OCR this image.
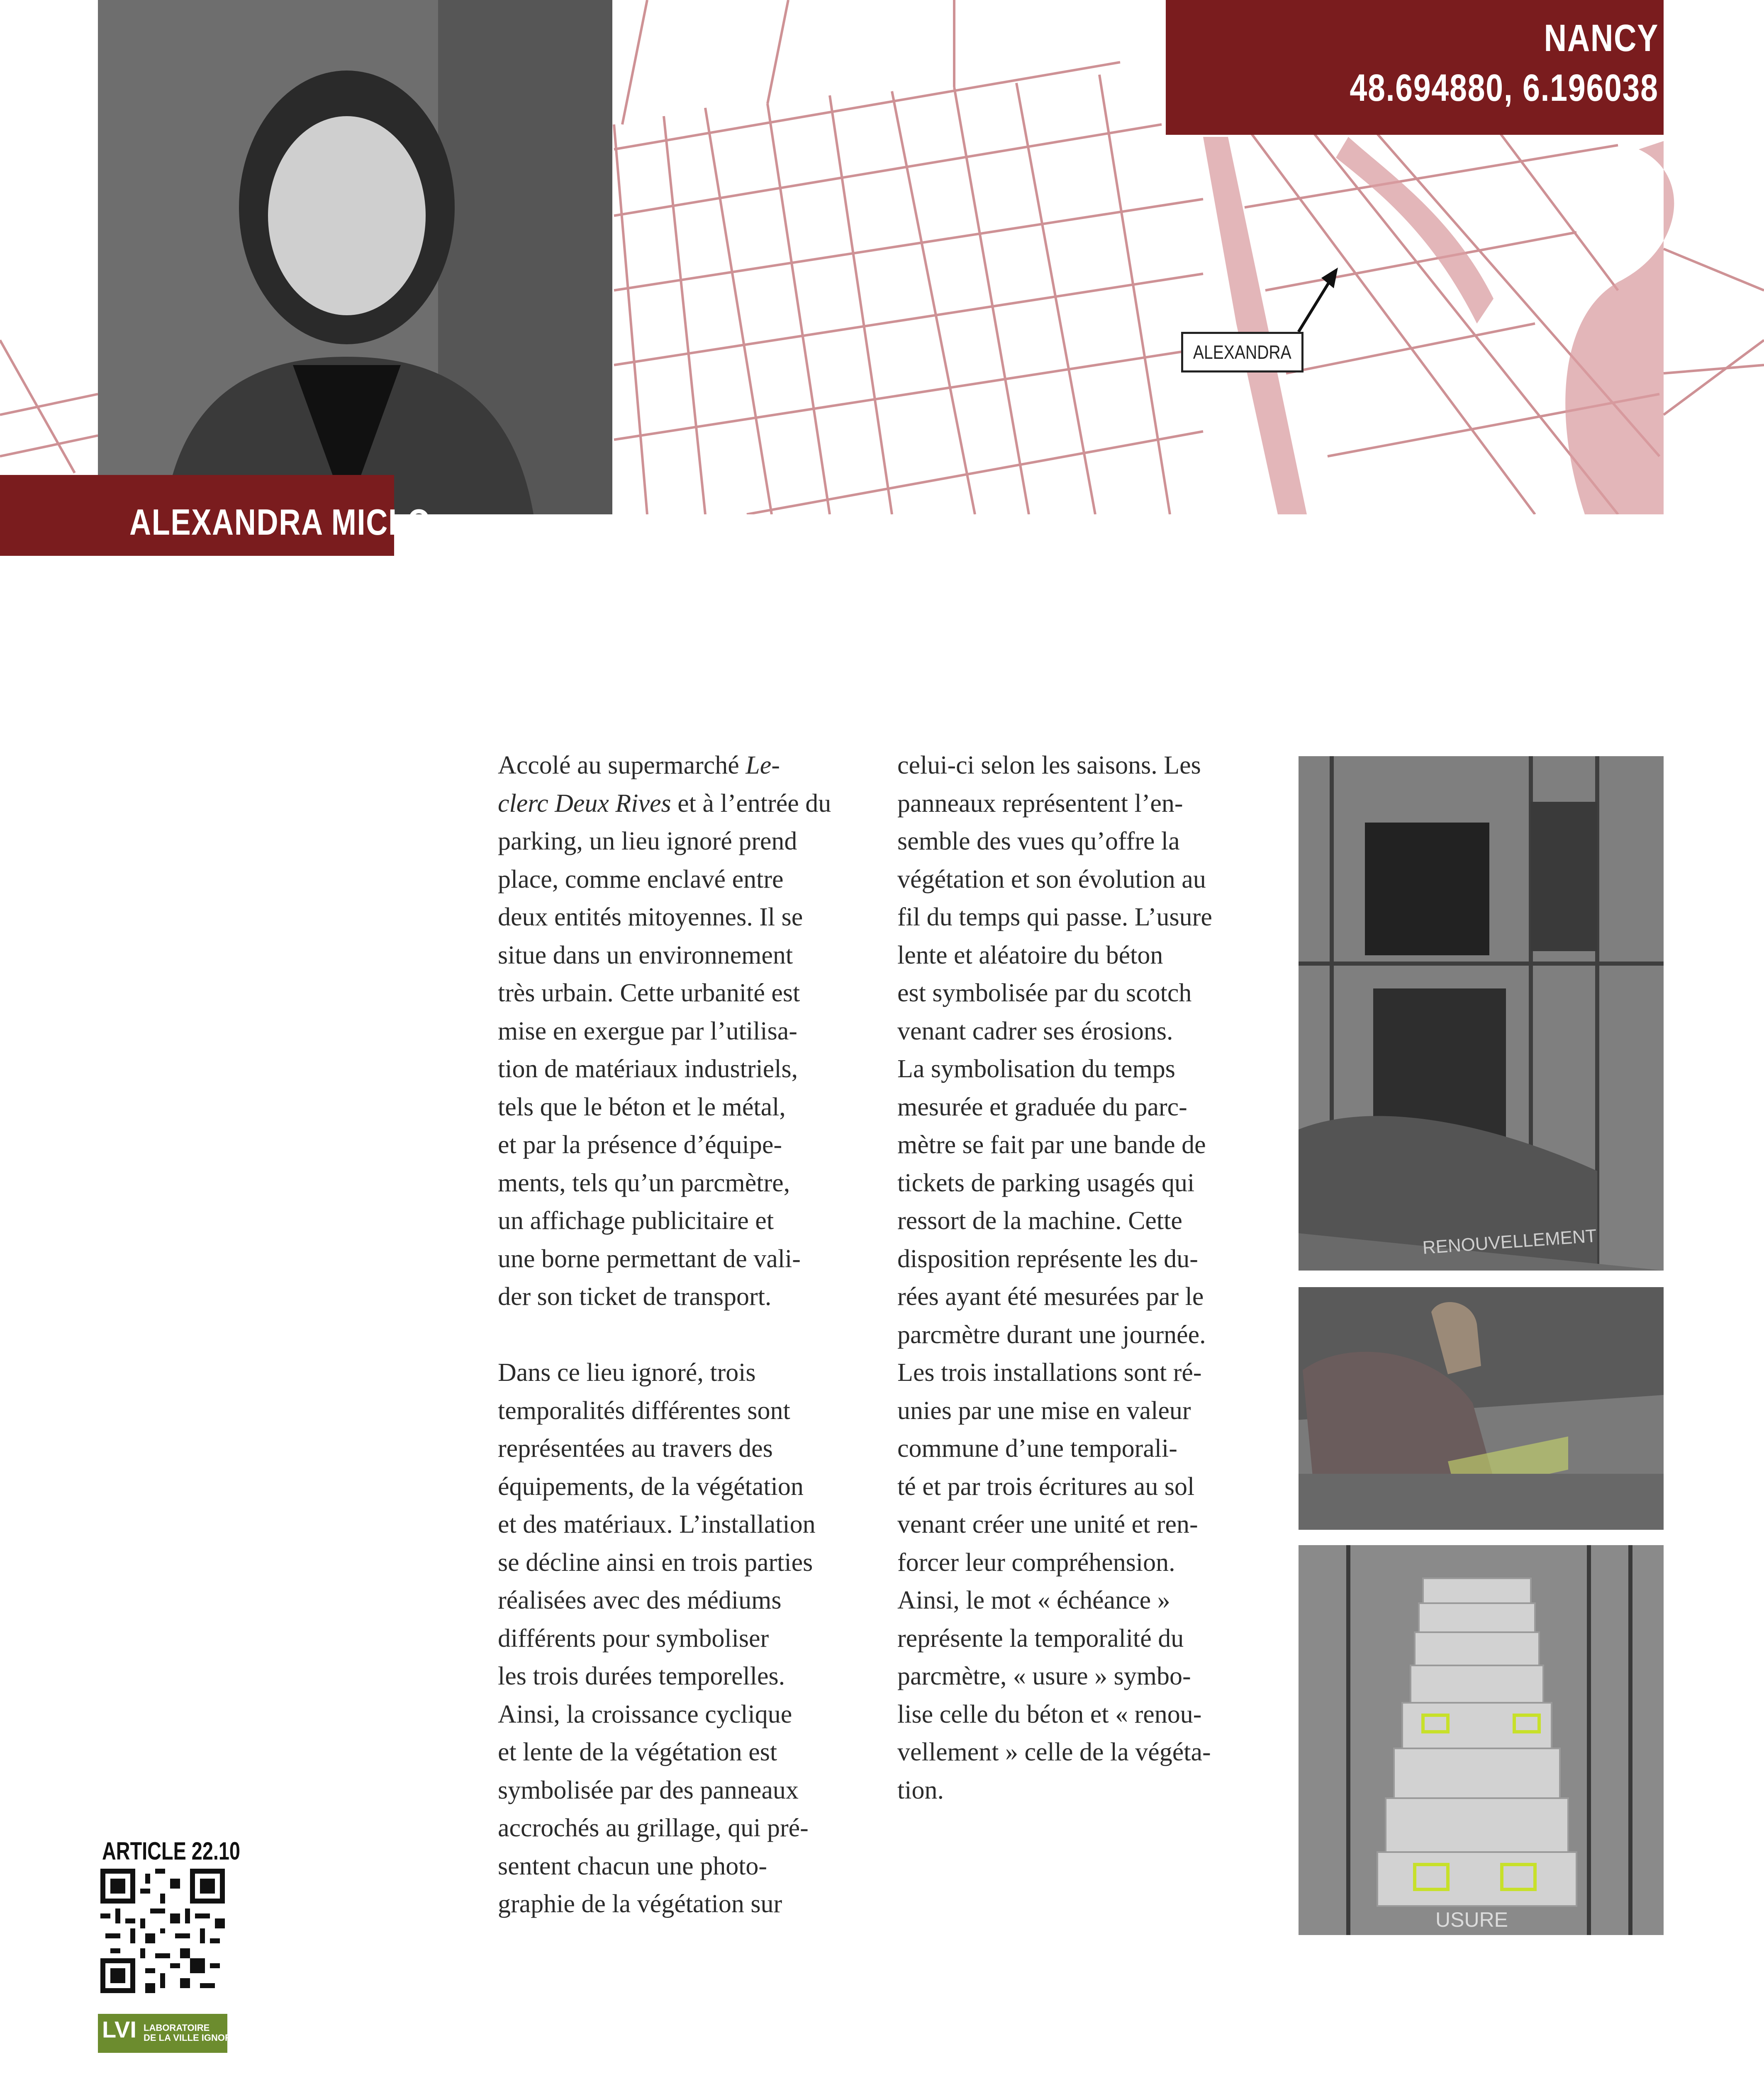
ALEXANDRA MICLO
NANCY
48.694880, 6.196038
ALEXANDRA

Accolé au supermarché Le-

clerc Deux Rives et à l’entrée du

parking, un lieu ignoré prend

place, comme enclavé entre

deux entités mitoyennes. Il se

situe dans un environnement

très urbain. Cette urbanité est

mise en exergue par l’utilisa-

tion de matériaux industriels,

tels que le béton et le métal,

et par la présence d’équipe-

ments, tels qu’un parcmètre,

un affichage publicitaire et

une borne permettant de vali-

der son ticket de transport.

Dans ce lieu ignoré, trois

temporalités différentes sont

représentées au travers des

équipements, de la végétation

et des matériaux. L’installation

se décline ainsi en trois parties

réalisées avec des médiums

différents pour symboliser

les trois durées temporelles.

Ainsi, la croissance cyclique

et lente de la végétation est

symbolisée par des panneaux

accrochés au grillage, qui pré-

sentent chacun une photo-

graphie de la végétation sur

celui-ci selon les saisons. Les

panneaux représentent l’en-

semble des vues qu’offre la

végétation et son évolution au

fil du temps qui passe. L’usure

lente et aléatoire du béton

est symbolisée par du scotch

venant cadrer ses érosions.

La symbolisation du temps

mesurée et graduée du parc-

mètre se fait par une bande de

tickets de parking usagés qui

ressort de la machine. Cette

disposition représente les du-

rées ayant été mesurées par le

parcmètre durant une journée.

Les trois installations sont ré-

unies par une mise en valeur

commune d’une temporali-

té et par trois écritures au sol

venant créer une unité et ren-

forcer leur compréhension.

Ainsi, le mot « échéance »

représente la temporalité du

parcmètre, « usure » symbo-

lise celle du béton et « renou-

vellement » celle de la végéta-

tion.

RENOUVELLEMENT
USURE
ARTICLE 22.10
LVI LABORATOIRE
DE LA VILLE IGNORÉE
